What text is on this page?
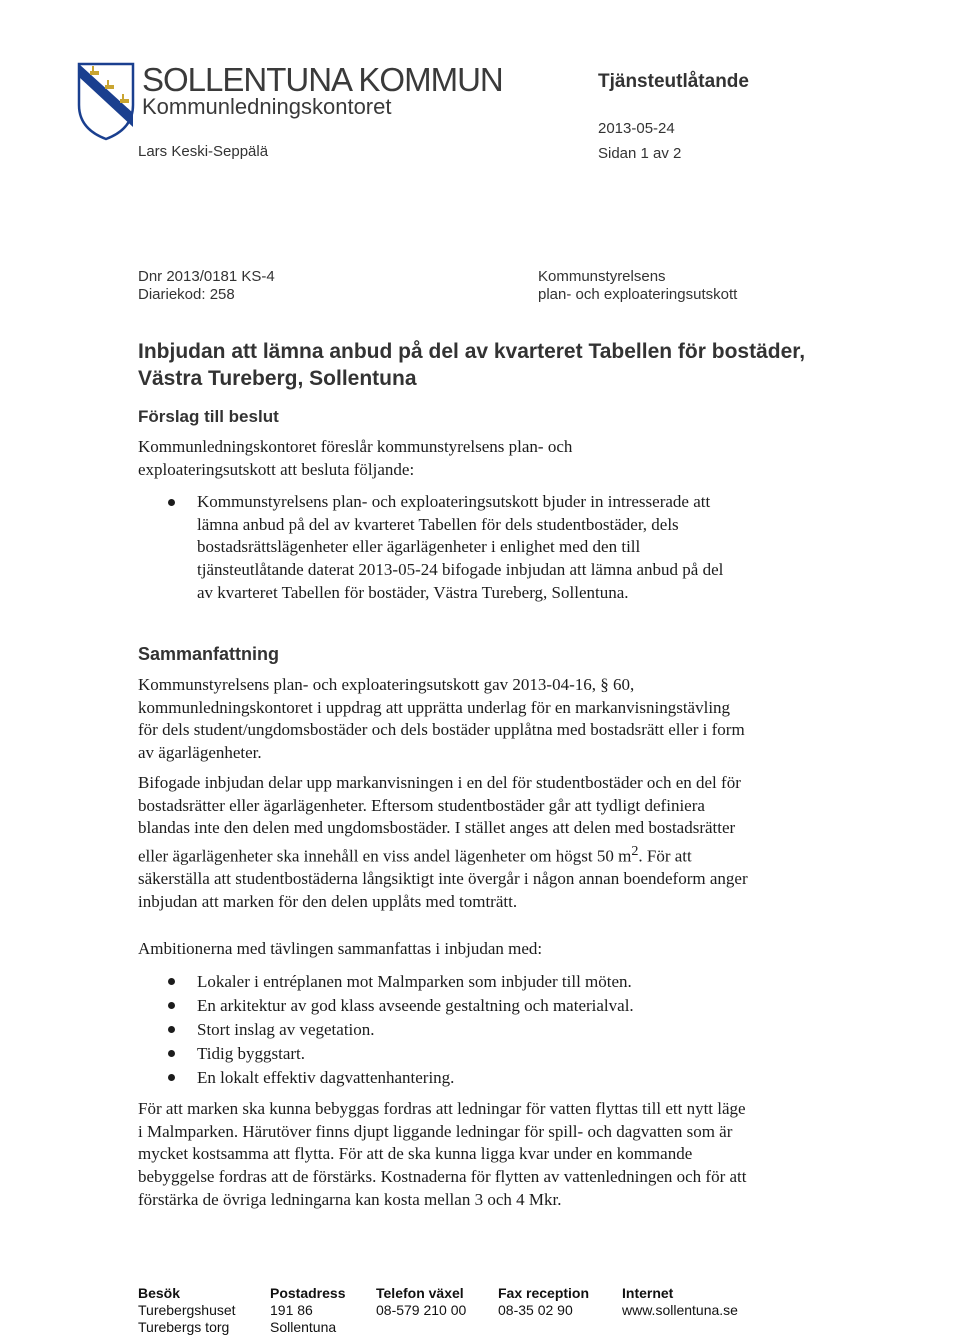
SOLLENTUNA KOMMUN
Kommunledningskontoret
Lars Keski-Seppälä
Tjänsteutlåtande
2013-05-24
Sidan 1 av 2
Dnr 2013/0181 KS-4
Diariekod: 258
Kommunstyrelsens
plan- och exploateringsutskott
Inbjudan att lämna anbud på del av kvarteret Tabellen för bostäder, Västra Tureberg, Sollentuna
Förslag till beslut

Kommunledningskontoret föreslår kommunstyrelsens plan- och exploateringsutskott att besluta följande:

Kommunstyrelsens plan- och exploateringsutskott bjuder in intresserade att lämna anbud på del av kvarteret Tabellen för dels studentbostäder, dels bostadsrättslägenheter eller ägarlägenheter i enlighet med den till tjänsteutlåtande daterat 2013-05-24 bifogade inbjudan att lämna anbud på del av kvarteret Tabellen för bostäder, Västra Tureberg, Sollentuna.
Sammanfattning

Kommunstyrelsens plan- och exploateringsutskott gav 2013-04-16, § 60, kommunledningskontoret i uppdrag att upprätta underlag för en markanvisningstävling för dels student/ungdomsbostäder och dels bostäder upplåtna med bostadsrätt eller i form av ägarlägenheter.

Bifogade inbjudan delar upp markanvisningen i en del för studentbostäder och en del för bostadsrätter eller ägarlägenheter. Eftersom studentbostäder går att tydligt definiera blandas inte den delen med ungdomsbostäder. I stället anges att delen med bostadsrätter eller ägarlägenheter ska innehåll en viss andel lägenheter om högst 50 $m^2$. För att säkerställa att studentbostäderna långsiktigt inte övergår i någon annan boendeform anger inbjudan att marken för den delen upplåts med tomträtt.

Ambitionerna med tävlingen sammanfattas i inbjudan med:

Lokaler i entréplanen mot Malmparken som inbjuder till möten.
En arkitektur av god klass avseende gestaltning och materialval.
Stort inslag av vegetation.
Tidig byggstart.
En lokalt effektiv dagvattenhantering.

För att marken ska kunna bebyggas fordras att ledningar för vatten flyttas till ett nytt läge i Malmparken. Härutöver finns djupt liggande ledningar för spill- och dagvatten som är mycket kostsamma att flytta. För att de ska kunna ligga kvar under en kommande bebyggelse fordras att de förstärks. Kostnaderna för flytten av vattenledningen och för att förstärka de övriga ledningarna kan kosta mellan 3 och 4 Mkr.

Besök
Turebergshuset
Turebergs torg
Postadress
191 86
Sollentuna
Telefon växel
08-579 210 00
Fax reception
08-35 02 90
Internet
www.sollentuna.se
